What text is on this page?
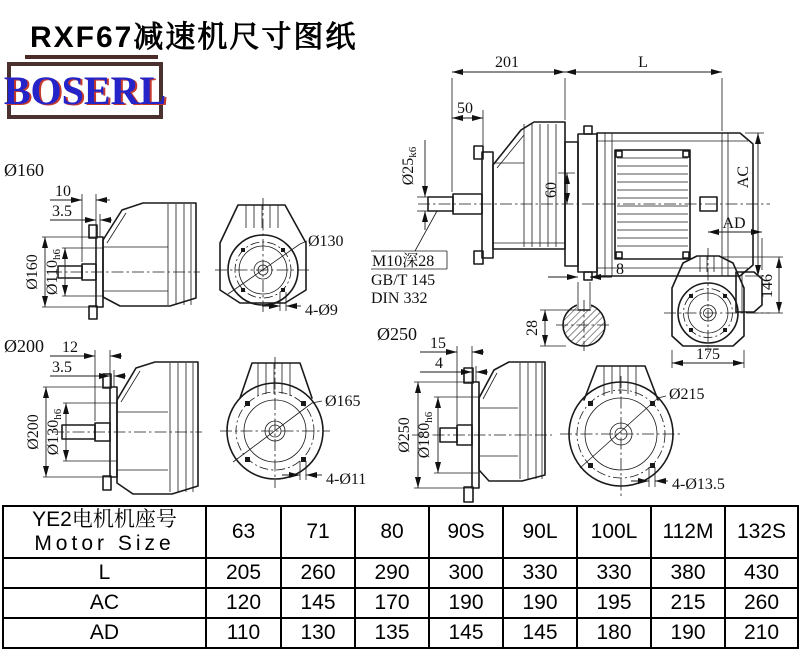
201	L
50
Ø25k6
60
AC
M10深28
GB/T 145
DIN 332
Ø160
10
3.5
Ø160 Ø110h6
Ø130
4-Ø9
8
28
AD
146
175
Ø200 12
3.5
Ø200 Ø130h6
Ø165
4-Ø11
Ø250 15
4
Ø250 Ø180h6
Ø215
4-Ø13.5
RXF67减速机尺寸图纸
BOSERL
YE2电机机座号
Motor Size	63	71	80	90S	90L	100L	112M	132S
L	205	260	290	300	330	330	380	430
AC	120	145	170	190	190	195	215	260
AD	110	130	135	145	145	180	190	210
